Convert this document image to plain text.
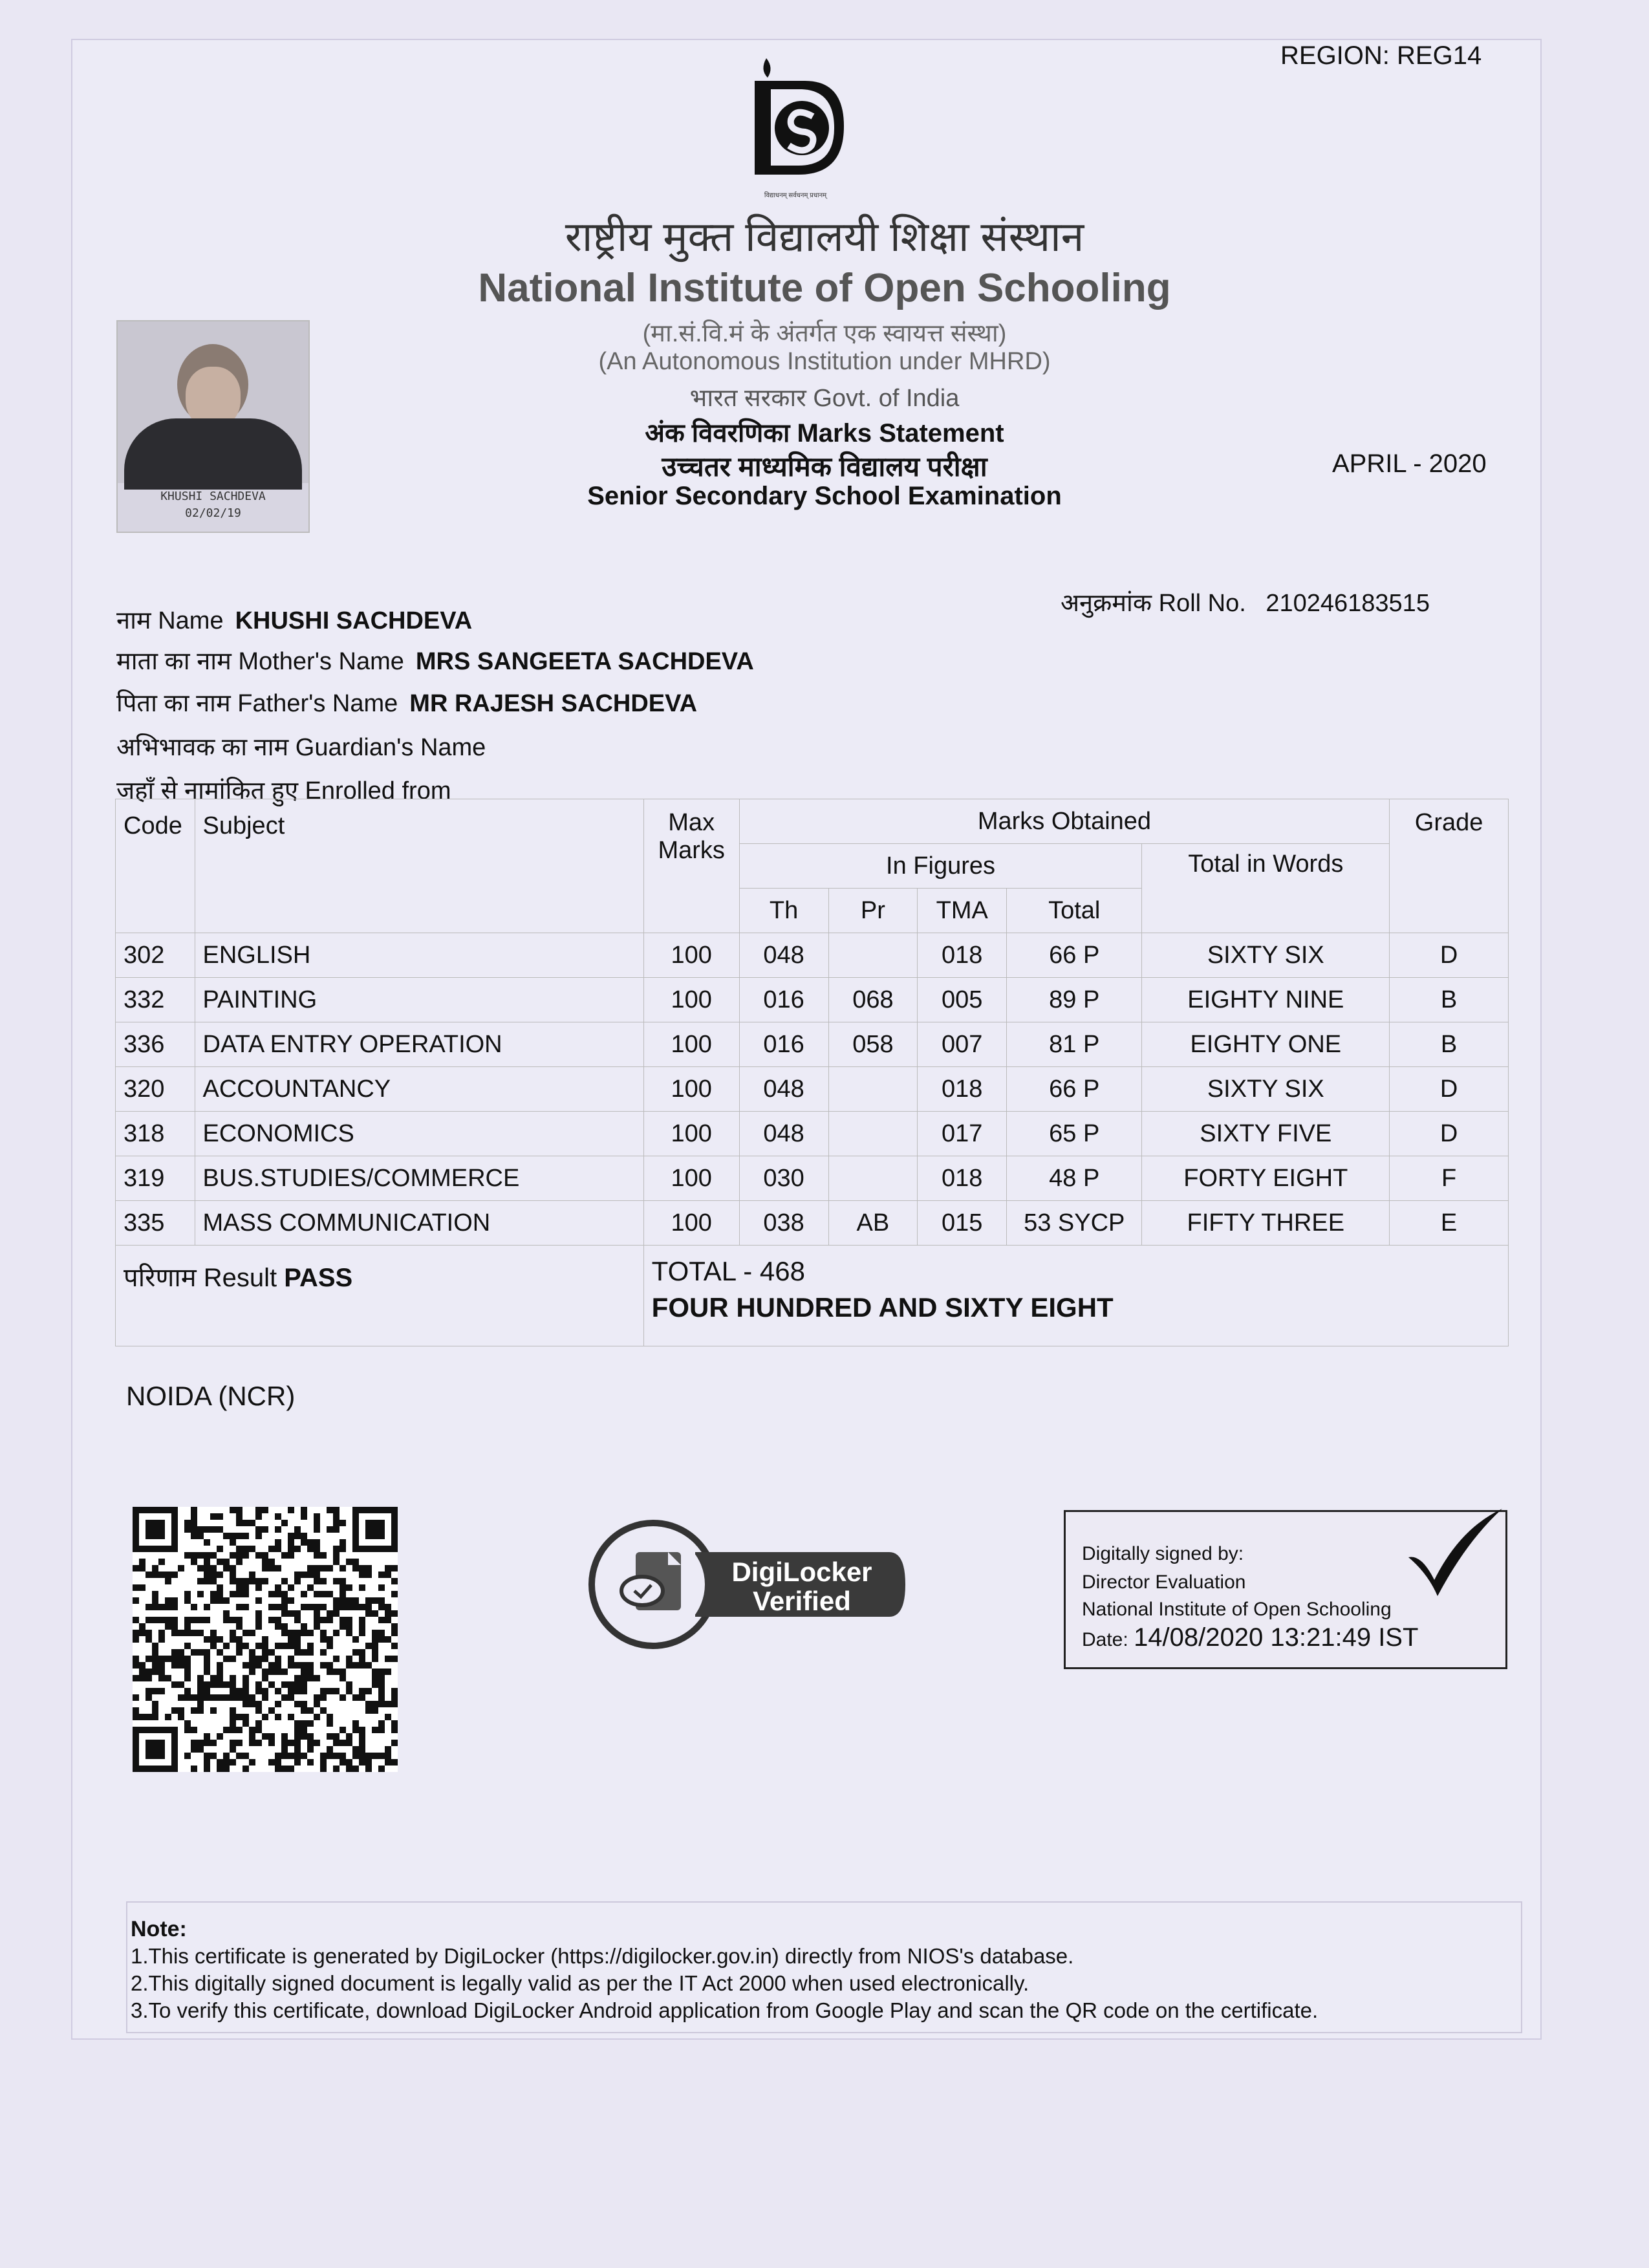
REGION: REG14
विद्याधनम् सर्वधनम् प्रधानम्
राष्ट्रीय मुक्त विद्यालयी शिक्षा संस्थान
National Institute of Open Schooling
(मा.सं.वि.मं के अंतर्गत एक स्वायत्त संस्था)
(An Autonomous Institution under MHRD)
भारत सरकार Govt. of India
अंक विवरणिका Marks Statement
उच्चतर माध्यमिक विद्यालय परीक्षा
Senior Secondary School Examination
APRIL - 2020
KHUSHI SACHDEVA
02/02/19
नाम Name KHUSHI SACHDEVA
माता का नाम Mother's Name MRS SANGEETA SACHDEVA
पिता का नाम Father's Name MR RAJESH SACHDEVA
अभिभावक का नाम Guardian's Name
जहाँ से नामांकित हुए Enrolled from
अनुक्रमांक Roll No. 210246183515
Code	Subject	Max Marks	Marks Obtained					Grade
			In Figures				Total in Words	
			Th	Pr	TMA	Total		
302	ENGLISH	100	048		018	66 P	SIXTY SIX	D
332	PAINTING	100	016	068	005	89 P	EIGHTY NINE	B
336	DATA ENTRY OPERATION	100	016	058	007	81 P	EIGHTY ONE	B
320	ACCOUNTANCY	100	048		018	66 P	SIXTY SIX	D
318	ECONOMICS	100	048		017	65 P	SIXTY FIVE	D
319	BUS.STUDIES/COMMERCE	100	030		018	48 P	FORTY EIGHT	F
335	MASS COMMUNICATION	100	038	AB	015	53 SYCP	FIFTY THREE	E
परिणाम Result PASS		TOTAL - 468
FOUR HUNDRED AND SIXTY EIGHT						
NOIDA (NCR)
DigiLocker
Verified
Digitally signed by:
Director Evaluation
National Institute of Open Schooling
Date: 14/08/2020 13:21:49 IST
Note:
1.This certificate is generated by DigiLocker (https://digilocker.gov.in) directly from NIOS's database.
2.This digitally signed document is legally valid as per the IT Act 2000 when used electronically.
3.To verify this certificate, download DigiLocker Android application from Google Play and scan the QR code on the certificate.
